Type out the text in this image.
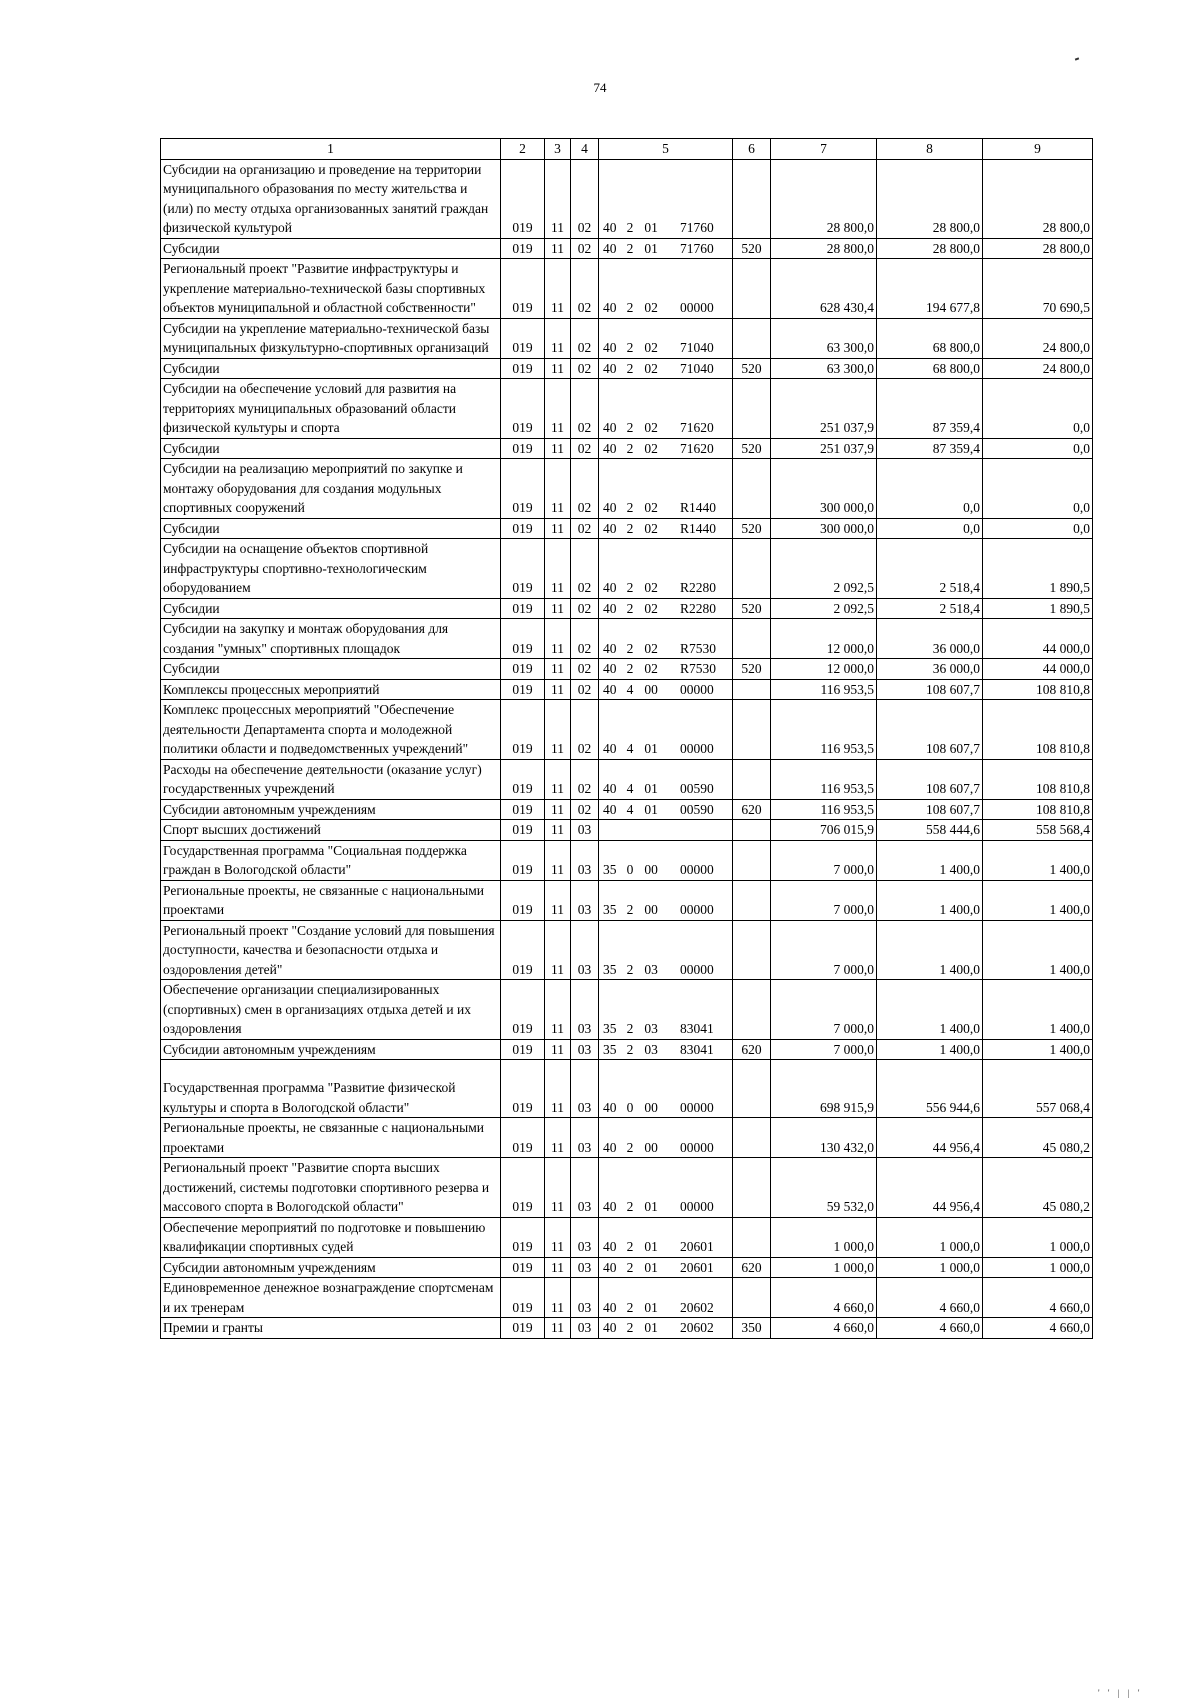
74
1	2	3	4	5	6	7	8	9
Субсидии на организацию и проведение на территории муниципального образования по месту жительства и (или) по месту отдыха организованных занятий граждан физической культурой	019	11	02	40 2 01 71760		28 800,0	28 800,0	28 800,0
Субсидии	019	11	02	40 2 01 71760	520	28 800,0	28 800,0	28 800,0
Региональный проект "Развитие инфраструктуры и укрепление материально-технической базы спортивных объектов муниципальной и областной собственности"	019	11	02	40 2 02 00000		628 430,4	194 677,8	70 690,5
Субсидии на укрепление материально-технической базы муниципальных физкультурно-спортивных организаций	019	11	02	40 2 02 71040		63 300,0	68 800,0	24 800,0
Субсидии	019	11	02	40 2 02 71040	520	63 300,0	68 800,0	24 800,0
Субсидии на обеспечение условий для развития на территориях муниципальных образований области физической культуры и спорта	019	11	02	40 2 02 71620		251 037,9	87 359,4	0,0
Субсидии	019	11	02	40 2 02 71620	520	251 037,9	87 359,4	0,0
Субсидии на реализацию мероприятий по закупке и монтажу оборудования для создания модульных спортивных сооружений	019	11	02	40 2 02 R1440		300 000,0	0,0	0,0
Субсидии	019	11	02	40 2 02 R1440	520	300 000,0	0,0	0,0
Субсидии на оснащение объектов спортивной инфраструктуры спортивно-технологическим оборудованием	019	11	02	40 2 02 R2280		2 092,5	2 518,4	1 890,5
Субсидии	019	11	02	40 2 02 R2280	520	2 092,5	2 518,4	1 890,5
Субсидии на закупку и монтаж оборудования для создания "умных" спортивных площадок	019	11	02	40 2 02 R7530		12 000,0	36 000,0	44 000,0
Субсидии	019	11	02	40 2 02 R7530	520	12 000,0	36 000,0	44 000,0
Комплексы процессных мероприятий	019	11	02	40 4 00 00000		116 953,5	108 607,7	108 810,8
Комплекс процессных мероприятий "Обеспечение деятельности Департамента спорта и молодежной политики области и подведомственных учреждений"	019	11	02	40 4 01 00000		116 953,5	108 607,7	108 810,8
Расходы на обеспечение деятельности (оказание услуг) государственных учреждений	019	11	02	40 4 01 00590		116 953,5	108 607,7	108 810,8
Субсидии автономным учреждениям	019	11	02	40 4 01 00590	620	116 953,5	108 607,7	108 810,8
Спорт высших достижений	019	11	03			706 015,9	558 444,6	558 568,4
Государственная программа "Социальная поддержка граждан в Вологодской области"	019	11	03	35 0 00 00000		7 000,0	1 400,0	1 400,0
Региональные проекты, не связанные с национальными проектами	019	11	03	35 2 00 00000		7 000,0	1 400,0	1 400,0
Региональный проект "Создание условий для повышения доступности, качества и безопасности отдыха и оздоровления детей"	019	11	03	35 2 03 00000		7 000,0	1 400,0	1 400,0
Обеспечение организации специализированных (спортивных) смен в организациях отдыха детей и их оздоровления	019	11	03	35 2 03 83041		7 000,0	1 400,0	1 400,0
Субсидии автономным учреждениям	019	11	03	35 2 03 83041	620	7 000,0	1 400,0	1 400,0
Государственная программа "Развитие физической культуры и спорта в Вологодской области"	019	11	03	40 0 00 00000		698 915,9	556 944,6	557 068,4
Региональные проекты, не связанные с национальными проектами	019	11	03	40 2 00 00000		130 432,0	44 956,4	45 080,2
Региональный проект "Развитие спорта высших достижений, системы подготовки спортивного резерва и массового спорта в Вологодской области"	019	11	03	40 2 01 00000		59 532,0	44 956,4	45 080,2
Обеспечение мероприятий по подготовке и повышению квалификации спортивных судей	019	11	03	40 2 01 20601		1 000,0	1 000,0	1 000,0
Субсидии автономным учреждениям	019	11	03	40 2 01 20601	620	1 000,0	1 000,0	1 000,0
Единовременное денежное вознаграждение спортсменам и их тренерам	019	11	03	40 2 01 20602		4 660,0	4 660,0	4 660,0
Премии и гранты	019	11	03	40 2 01 20602	350	4 660,0	4 660,0	4 660,0
' ' | | '
